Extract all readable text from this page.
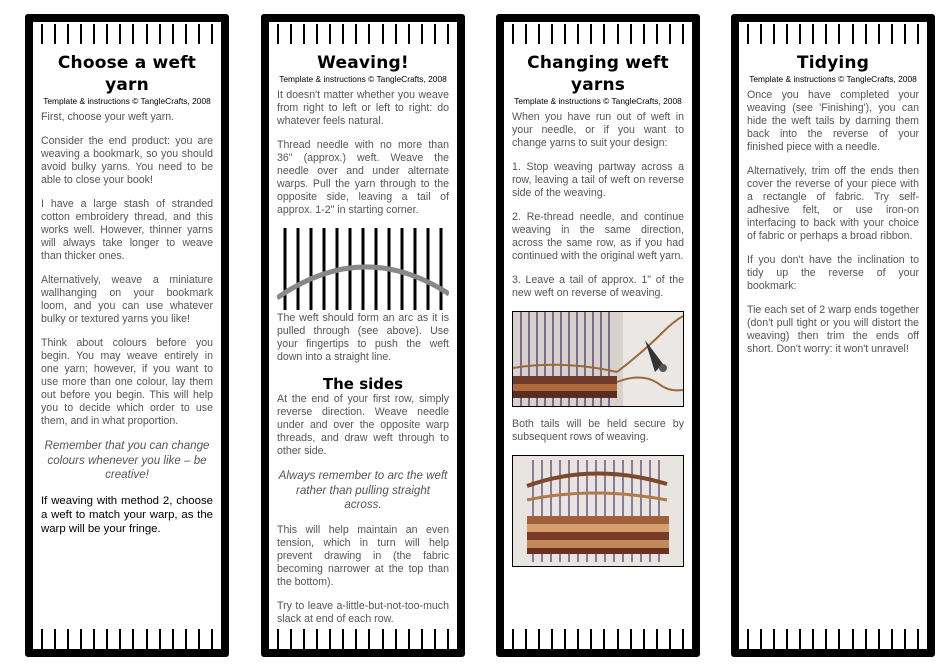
Choose a weft yarn
Template & instructions © TangleCrafts, 2008

First, choose your weft yarn.

Consider the end product: you are weaving a bookmark, so you should avoid bulky yarns. You need to be able to close your book!

I have a large stash of stranded cotton embroidery thread, and this works well. However, thinner yarns will always take longer to weave than thicker ones.

Alternatively, weave a miniature wallhanging on your bookmark loom, and you can use whatever bulky or textured yarns you like!

Think about colours before you begin. You may weave entirely in one yarn; however, if you want to use more than one colour, lay them out before you begin. This will help you to decide which order to use them, and in what proportion.

Remember that you can change colours whenever you like – be creative!

If weaving with method 2, choose a weft to match your warp, as the warp will be your fringe.

Weaving!
Template & instructions © TangleCrafts, 2008

It doesn't matter whether you weave from right to left or left to right: do whatever feels natural.

Thread needle with no more than 36" (approx.) weft. Weave the needle over and under alternate warps. Pull the yarn through to the opposite side, leaving a tail of approx. 1-2" in starting corner.

The weft should form an arc as it is pulled through (see above). Use your fingertips to push the weft down into a straight line.

The sides

At the end of your first row, simply reverse direction. Weave needle under and over the opposite warp threads, and draw weft through to other side.

Always remember to arc the weft rather than pulling straight across.

This will help maintain an even tension, which in turn will help prevent drawing in (the fabric becoming narrower at the top than the bottom).

Try to leave a-little-but-not-too-much slack at end of each row.

Changing weft yarns
Template & instructions © TangleCrafts, 2008

When you have run out of weft in your needle, or if you want to change yarns to suit your design:

1. Stop weaving partway across a row, leaving a tail of weft on reverse side of the weaving.

2. Re-thread needle, and continue weaving in the same direction, across the same row, as if you had continued with the original weft yarn.

3. Leave a tail of approx. 1" of the new weft on reverse of weaving.

Both tails will be held secure by subsequent rows of weaving.

Tidying
Template & instructions © TangleCrafts, 2008

Once you have completed your weaving (see 'Finishing'), you can hide the weft tails by darning them back into the reverse of your finished piece with a needle.

Alternatively, trim off the ends then cover the reverse of your piece with a rectangle of fabric. Try self-adhesive felt, or use iron-on interfacing to back with your choice of fabric or perhaps a broad ribbon.

If you don't have the inclination to tidy up the reverse of your bookmark:

Tie each set of 2 warp ends together (don't pull tight or you will distort the weaving) then trim the ends off short. Don't worry: it won't unravel!
